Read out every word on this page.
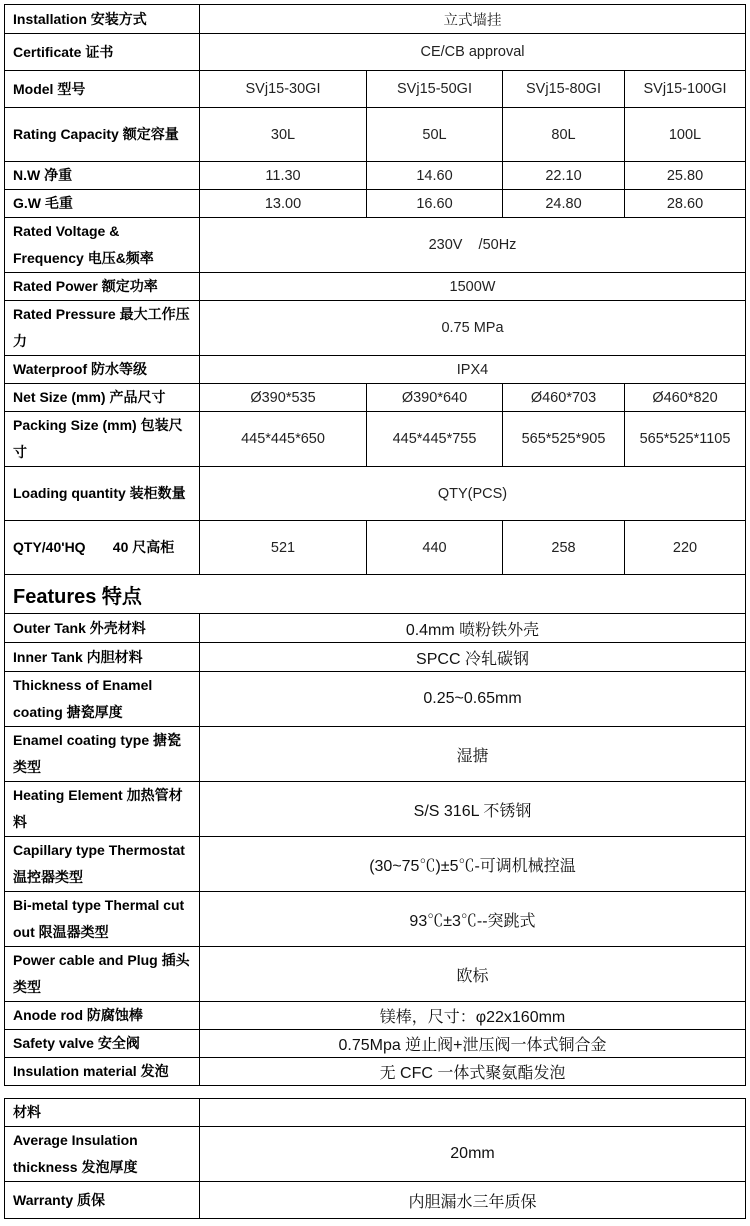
Installation 安装方式	立式墙挂			
Certificate 证书	CE/CB approval			
Model 型号	SVj15-30GI	SVj15-50GI	SVj15-80GI	SVj15-100GI
Rating Capacity 额定容量	30L	50L	80L	100L
N.W 净重	11.30	14.60	22.10	25.80
G.W 毛重	13.00	16.60	24.80	28.60
Rated Voltage & Frequency 电压&频率	230V    /50Hz			
Rated Power 额定功率	1500W			
Rated Pressure 最大工作压力	0.75 MPa			
Waterproof 防水等级	IPX4			
Net Size (mm) 产品尺寸	Ø390*535	Ø390*640	Ø460*703	Ø460*820
Packing Size (mm) 包装尺寸	445*445*650	445*445*755	565*525*905	565*525*1105
Loading quantity 装柜数量	QTY(PCS)			
QTY/40'HQ       40 尺高柜	521	440	258	220
Features 特点				
Outer Tank 外壳材料	0.4mm 喷粉铁外壳			
Inner Tank 内胆材料	SPCC 冷轧碳钢			
Thickness of Enamel coating 搪瓷厚度	0.25~0.65mm			
Enamel coating type 搪瓷类型	湿搪			
Heating Element 加热管材料	S/S 316L 不锈钢			
Capillary type Thermostat 温控器类型	(30~75℃)±5℃-可调机械控温			
Bi-metal type Thermal cut out 限温器类型	93℃±3℃--突跳式			
Power cable and Plug 插头类型	欧标			
Anode rod 防腐蚀棒	镁棒，尺寸：φ22x160mm			
Safety valve 安全阀	0.75Mpa 逆止阀+泄压阀一体式铜合金			
Insulation material 发泡	无 CFC 一体式聚氨酯发泡			

材料				
Average Insulation thickness 发泡厚度	20mm			
Warranty 质保	内胆漏水三年质保			
